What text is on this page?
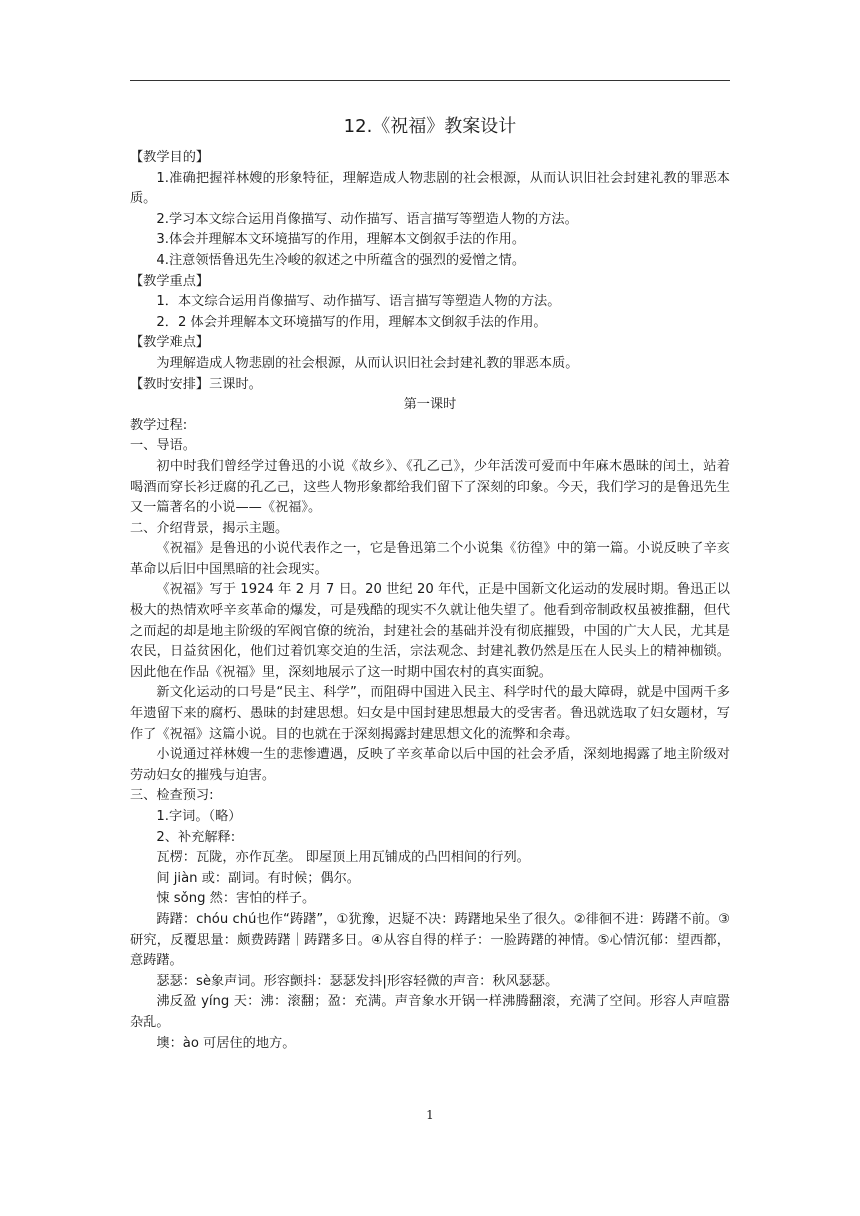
12.《祝福》教案设计

【教学目的】

1.准确把握祥林嫂的形象特征，理解造成人物悲剧的社会根源，从而认识旧社会封建礼教的罪恶本质。

2.学习本文综合运用肖像描写、动作描写、语言描写等塑造人物的方法。

3.体会并理解本文环境描写的作用，理解本文倒叙手法的作用。

4.注意领悟鲁迅先生冷峻的叙述之中所蕴含的强烈的爱憎之情。

【教学重点】

1．本文综合运用肖像描写、动作描写、语言描写等塑造人物的方法。

2．2 体会并理解本文环境描写的作用，理解本文倒叙手法的作用。

【教学难点】

为理解造成人物悲剧的社会根源，从而认识旧社会封建礼教的罪恶本质。

【教时安排】三课时。

第一课时

教学过程:

一、导语。

初中时我们曾经学过鲁迅的小说《故乡》、《孔乙己》，少年活泼可爱而中年麻木愚昧的闰土，站着喝酒而穿长衫迂腐的孔乙己，这些人物形象都给我们留下了深刻的印象。今天，我们学习的是鲁迅先生又一篇著名的小说——《祝福》。

二、介绍背景，揭示主题。

《祝福》是鲁迅的小说代表作之一，它是鲁迅第二个小说集《彷徨》中的第一篇。小说反映了辛亥革命以后旧中国黑暗的社会现实。

《祝福》写于 1924 年 2 月 7 日。20 世纪 20 年代，正是中国新文化运动的发展时期。鲁迅正以极大的热情欢呼辛亥革命的爆发，可是残酷的现实不久就让他失望了。他看到帝制政权虽被推翻，但代之而起的却是地主阶级的军阀官僚的统治，封建社会的基础并没有彻底摧毁，中国的广大人民，尤其是农民，日益贫困化，他们过着饥寒交迫的生活，宗法观念、封建礼教仍然是压在人民头上的精神枷锁。因此他在作品《祝福》里，深刻地展示了这一时期中国农村的真实面貌。

新文化运动的口号是“民主、科学”，而阻碍中国进入民主、科学时代的最大障碍，就是中国两千多年遗留下来的腐朽、愚昧的封建思想。妇女是中国封建思想最大的受害者。鲁迅就选取了妇女题材，写作了《祝福》这篇小说。目的也就在于深刻揭露封建思想文化的流弊和余毒。

小说通过祥林嫂一生的悲惨遭遇，反映了辛亥革命以后中国的社会矛盾，深刻地揭露了地主阶级对劳动妇女的摧残与迫害。

三、检查预习:

1.字词。（略）

2、补充解释:

瓦楞：瓦陇，亦作瓦垄。 即屋顶上用瓦铺成的凸凹相间的行列。

间 jiàn 或：副词。有时候；偶尔。

悚 sǒng 然：害怕的样子。

踌躇：chóu chú也作“踌躇”，①犹豫，迟疑不决：踌躇地呆坐了很久。②徘徊不进：踌躇不前。③研究，反覆思量：颇费踌躇｜踌躇多日。④从容自得的样子：一脸踌躇的神情。⑤心情沉郁：望西都，意踌躇。

瑟瑟：sè象声词。形容颤抖：瑟瑟发抖|形容轻微的声音：秋风瑟瑟。

沸反盈 yíng 天：沸：滚翻；盈：充满。声音象水开锅一样沸腾翻滚，充满了空间。形容人声喧嚣杂乱。

墺：ào 可居住的地方。

1
